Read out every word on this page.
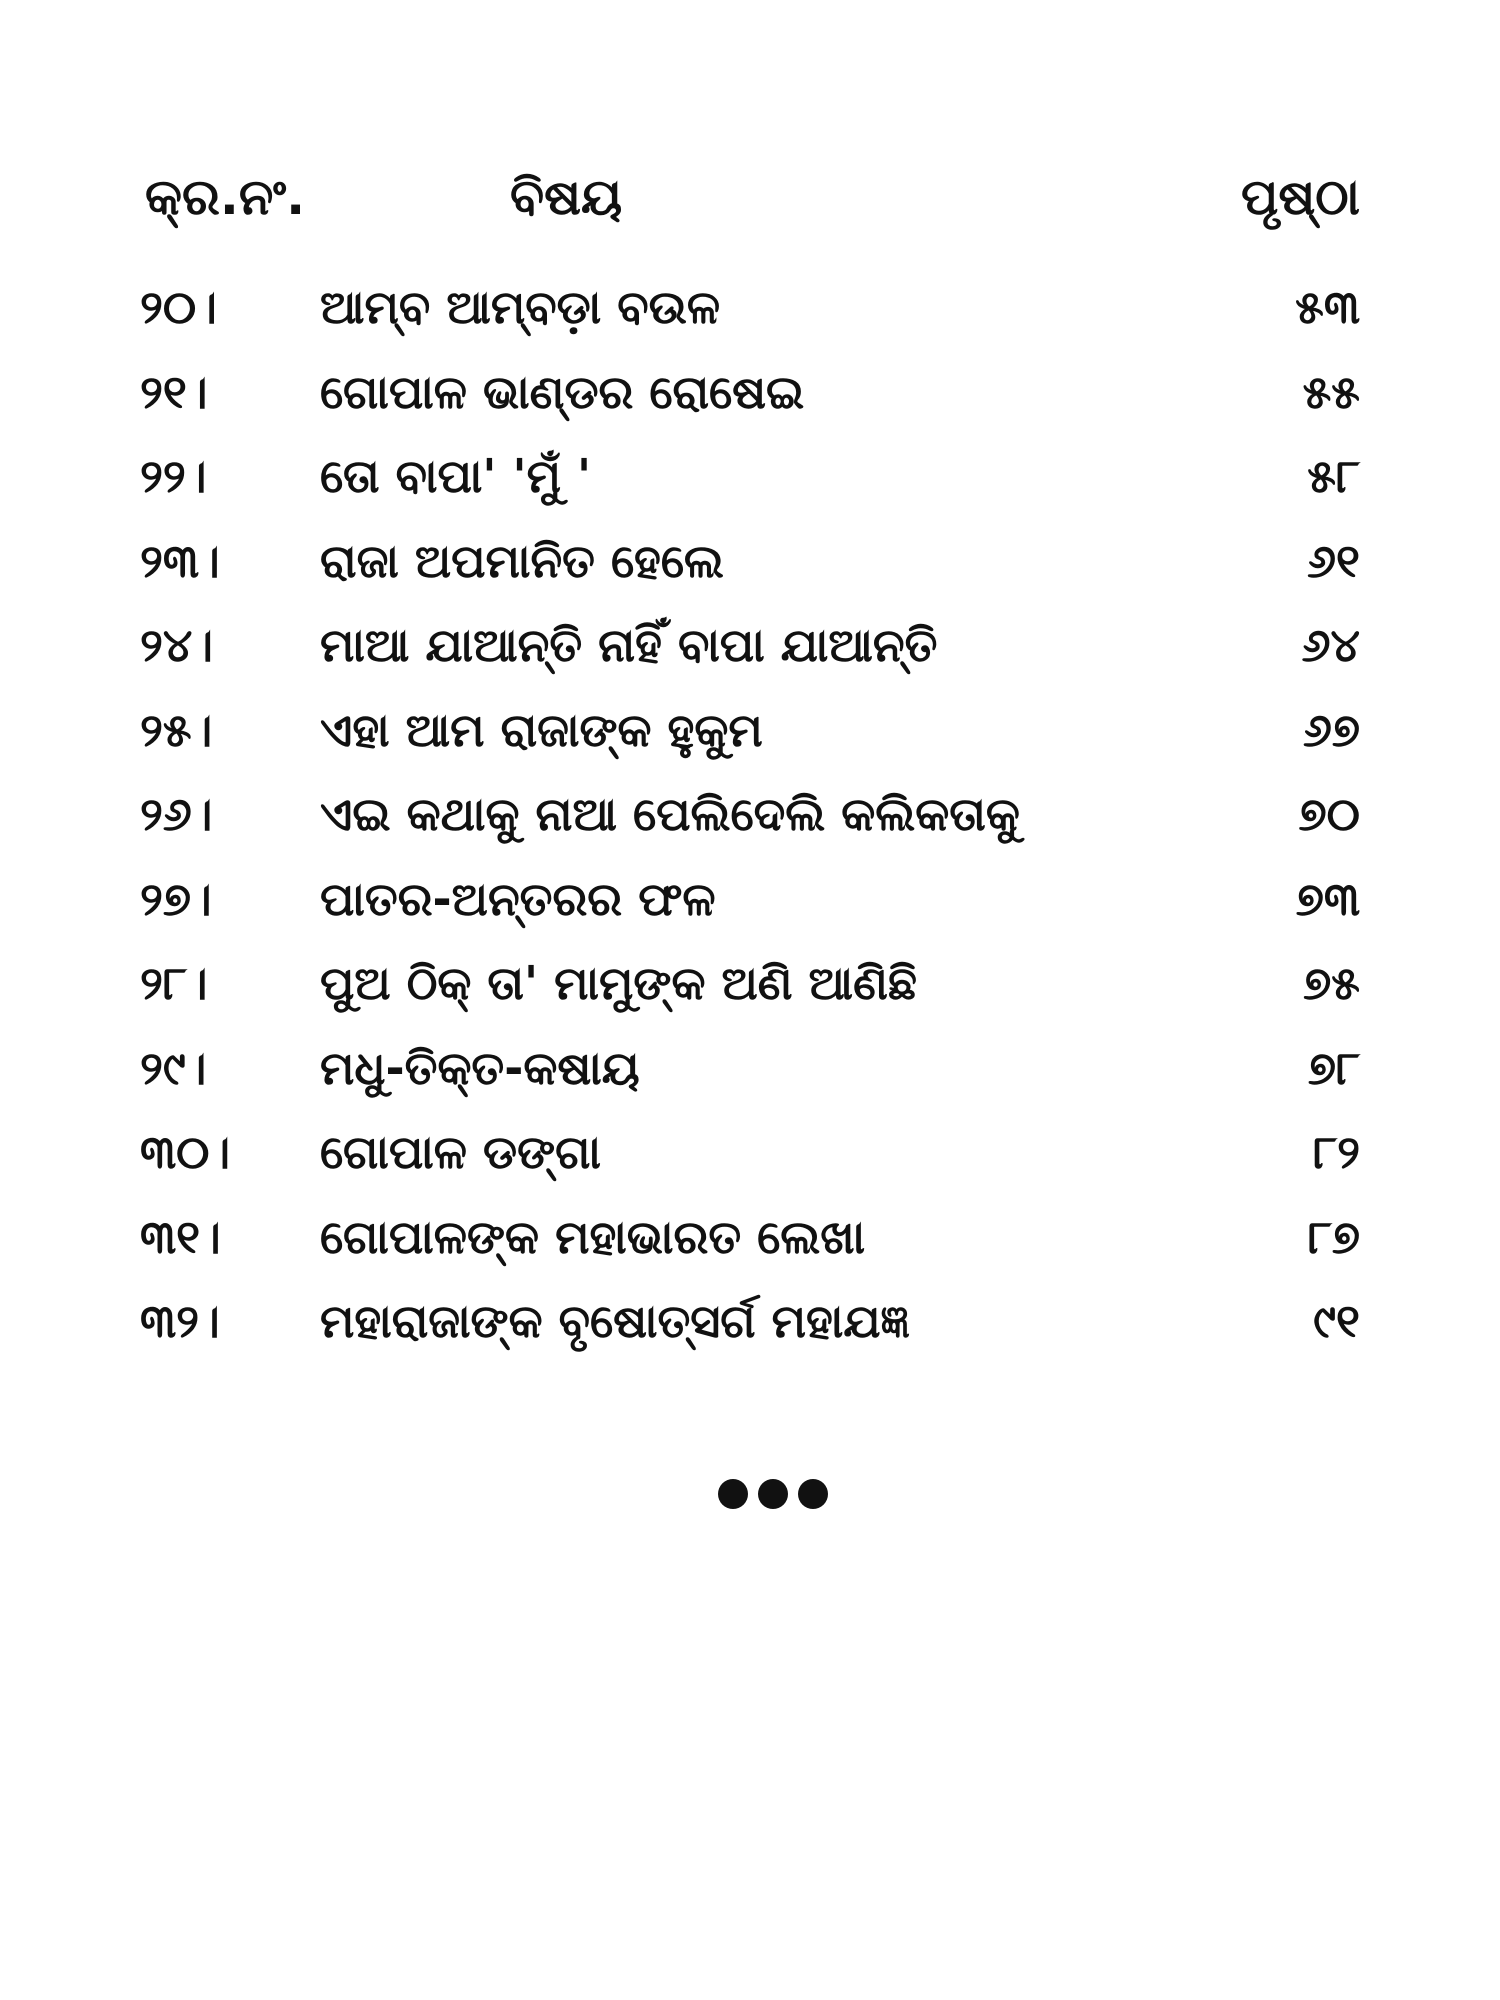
କ୍ର.ନଂ.	ବିଷୟ	ପୃଷ୍ଠା
୨୦। ଆମ୍ବ ଆମ୍ବଡ଼ା ବଉଳ	୫୩
୨୧। ଗୋପାଳ ଭାଣ୍ଡର ରୋଷେଇ	୫୫
୨୨। ତୋ ବାପା' 'ମୁଁ '	୫୮
୨୩। ରାଜା ଅପମାନିତ ହେଲେ	୬୧
୨୪। ମାଆ ଯାଆନ୍ତି ନାହିଁ ବାପା ଯାଆନ୍ତି	୬୪
୨୫। ଏହା ଆମ ରାଜାଙ୍କ ହୁକୁମ	୬୭
୨୬। ଏଇ କଥାକୁ ନାଆ ପେଲିଦେଲି କଲିକତାକୁ	୭୦
୨୭। ପାତର-ଅନ୍ତରର ଫଳ	୭୩
୨୮। ପୁଅ ଠିକ୍ ତା' ମାମୁଙ୍କ ଅଣି ଆଣିଛି	୭୫
୨୯। ମଧୁ-ତିକ୍ତ-କଷାୟ	୭୮
୩୦। ଗୋପାଳ ଡଙ୍ଗା	୮୨
୩୧। ଗୋପାଳଙ୍କ ମହାଭାରତ ଲେଖା	୮୭
୩୨। ମହାରାଜାଙ୍କ ବୃଷୋତ୍ସର୍ଗ ମହାଯଜ୍ଞ	୯୧
